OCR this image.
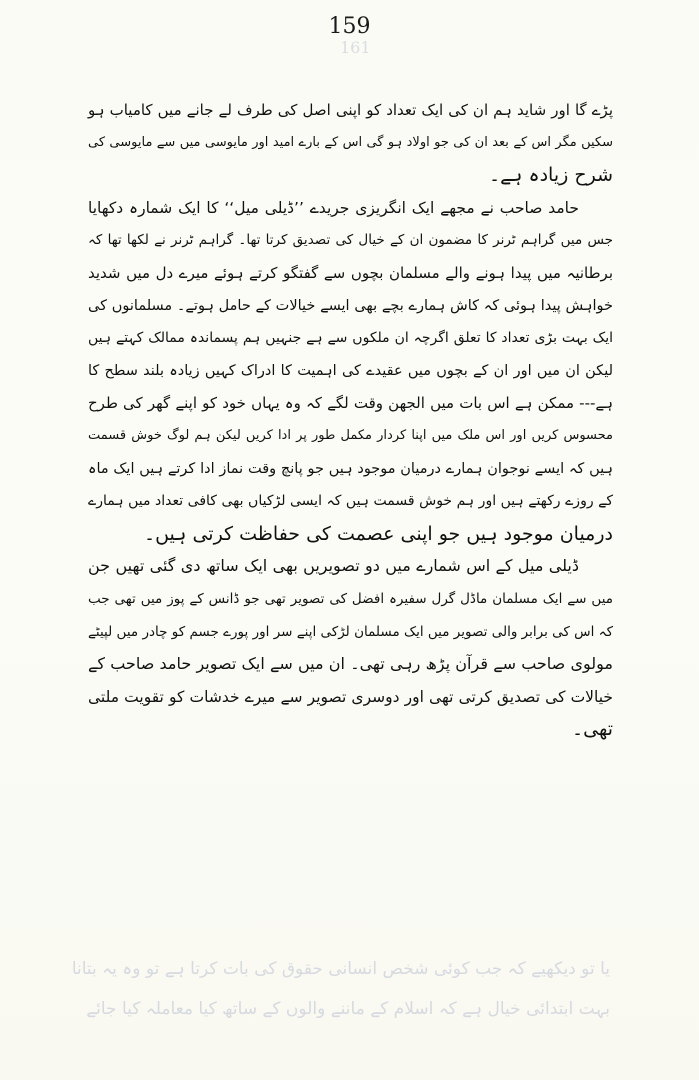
161
یا تو دیکھیے کہ جب کوئی شخص انسانی حقوق کی بات کرتا ہے تو وہ یہ بتانا
بہت ابتدائی خیال ہے کہ اسلام کے ماننے والوں کے ساتھ کیا معاملہ کیا جائے
159
پڑے گا اور شاید ہم ان کی ایک تعداد کو اپنی اصل کی طرف لے جانے میں کامیاب ہو
سکیں مگر اس کے بعد ان کی جو اولاد ہو گی اس کے بارے امید اور مایوسی میں سے مایوسی کی
شرح زیادہ ہے۔
حامد صاحب نے مجھے ایک انگریزی جریدے ’’ڈیلی میل‘‘ کا ایک شمارہ دکھایا
جس میں گراہم ٹرنر کا مضمون ان کے خیال کی تصدیق کرتا تھا۔ گراہم ٹرنر نے لکھا تھا کہ
برطانیہ میں پیدا ہونے والے مسلمان بچوں سے گفتگو کرتے ہوئے میرے دل میں شدید
خواہش پیدا ہوئی کہ کاش ہمارے بچے بھی ایسے خیالات کے حامل ہوتے۔ مسلمانوں کی
ایک بہت بڑی تعداد کا تعلق اگرچہ ان ملکوں سے ہے جنہیں ہم پسماندہ ممالک کہتے ہیں
لیکن ان میں اور ان کے بچوں میں عقیدے کی اہمیت کا ادراک کہیں زیادہ بلند سطح کا
ہے--- ممکن ہے اس بات میں الجھن وقت لگے کہ وہ یہاں خود کو اپنے گھر کی طرح
محسوس کریں اور اس ملک میں اپنا کردار مکمل طور پر ادا کریں لیکن ہم لوگ خوش قسمت
ہیں کہ ایسے نوجوان ہمارے درمیان موجود ہیں جو پانچ وقت نماز ادا کرتے ہیں ایک ماہ
کے روزے رکھتے ہیں اور ہم خوش قسمت ہیں کہ ایسی لڑکیاں بھی کافی تعداد میں ہمارے
درمیان موجود ہیں جو اپنی عصمت کی حفاظت کرتی ہیں۔
ڈیلی میل کے اس شمارے میں دو تصویریں بھی ایک ساتھ دی گئی تھیں جن
میں سے ایک مسلمان ماڈل گرل سفیرہ افضل کی تصویر تھی جو ڈانس کے پوز میں تھی جب
کہ اس کی برابر والی تصویر میں ایک مسلمان لڑکی اپنے سر اور پورے جسم کو چادر میں لپیٹے
مولوی صاحب سے قرآن پڑھ رہی تھی۔ ان میں سے ایک تصویر حامد صاحب کے
خیالات کی تصدیق کرتی تھی اور دوسری تصویر سے میرے خدشات کو تقویت ملتی
تھی۔
